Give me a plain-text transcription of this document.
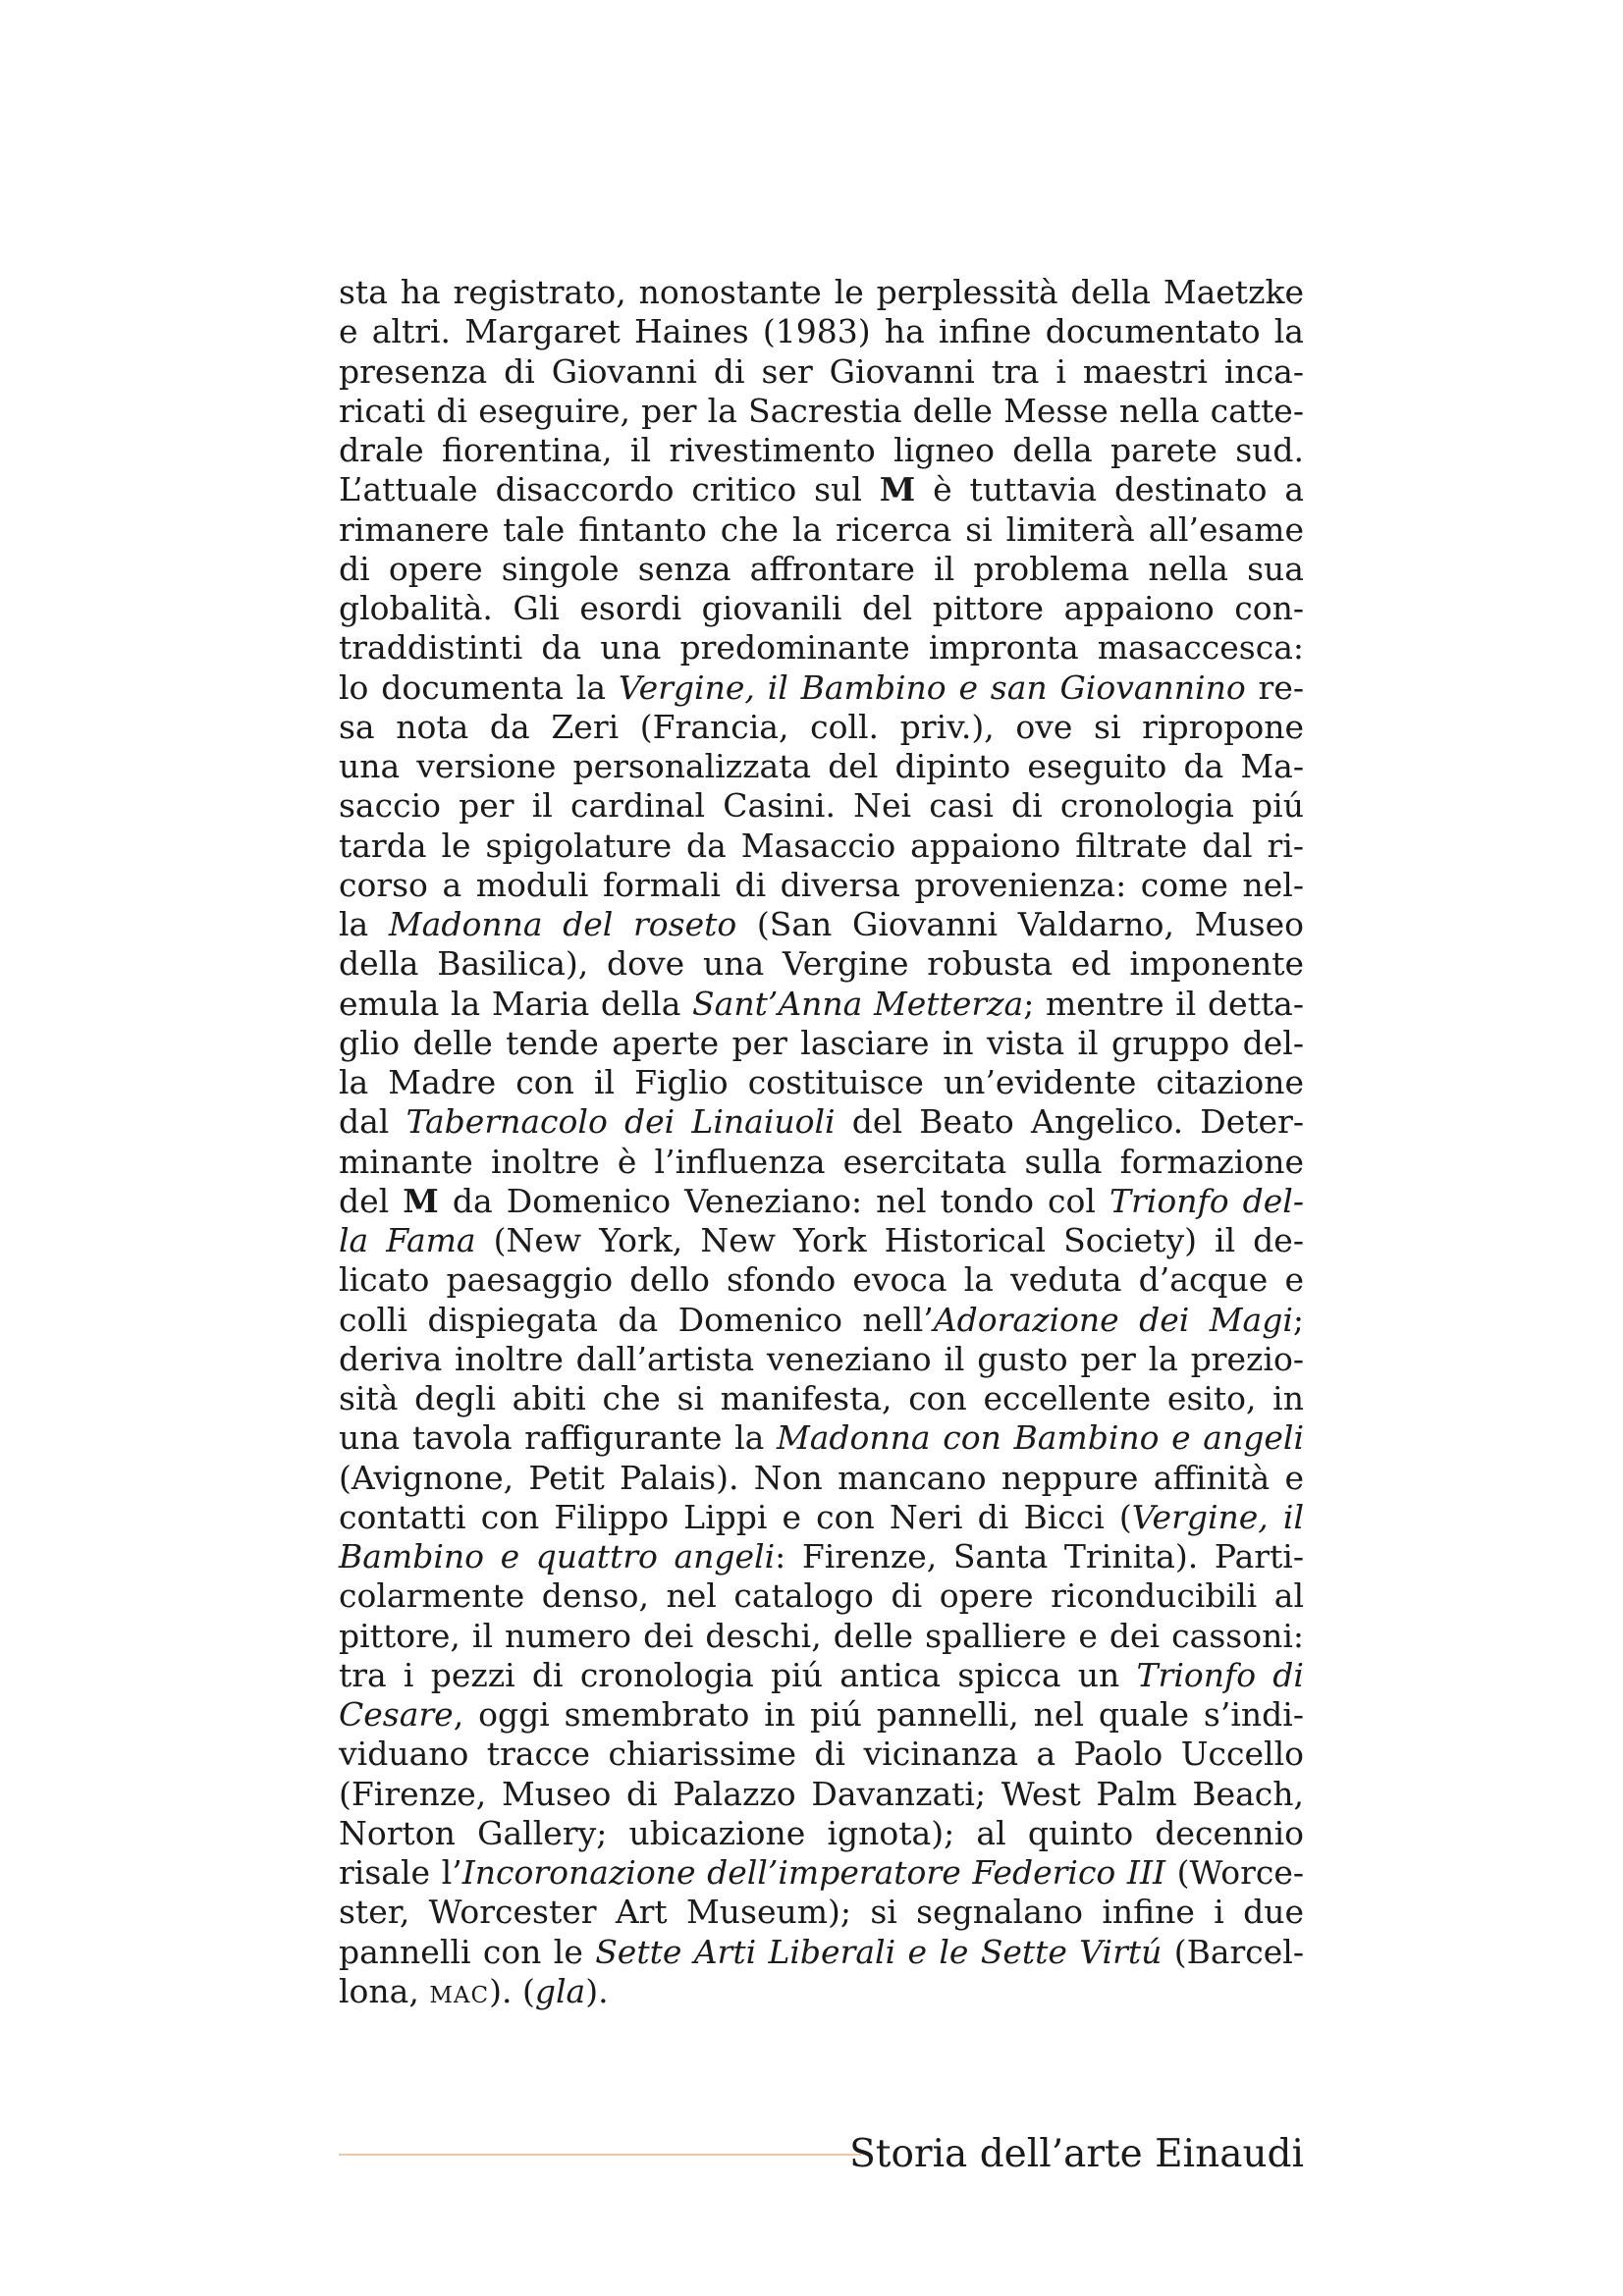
sta ha registrato, nonostante le perplessità della Maetzke
e altri. Margaret Haines (1983) ha infine documentato la
presenza di Giovanni di ser Giovanni tra i maestri inca-
ricati di eseguire, per la Sacrestia delle Messe nella catte-
drale fiorentina, il rivestimento ligneo della parete sud.
L’attuale disaccordo critico sul M è tuttavia destinato a
rimanere tale fintanto che la ricerca si limiterà all’esame
di opere singole senza affrontare il problema nella sua
globalità. Gli esordi giovanili del pittore appaiono con-
traddistinti da una predominante impronta masaccesca:
lo documenta la Vergine, il Bambino e san Giovannino re-
sa nota da Zeri (Francia, coll. priv.), ove si ripropone
una versione personalizzata del dipinto eseguito da Ma-
saccio per il cardinal Casini. Nei casi di cronologia piú
tarda le spigolature da Masaccio appaiono filtrate dal ri-
corso a moduli formali di diversa provenienza: come nel-
la Madonna del roseto (San Giovanni Valdarno, Museo
della Basilica), dove una Vergine robusta ed imponente
emula la Maria della Sant’Anna Metterza; mentre il detta-
glio delle tende aperte per lasciare in vista il gruppo del-
la Madre con il Figlio costituisce un’evidente citazione
dal Tabernacolo dei Linaiuoli del Beato Angelico. Deter-
minante inoltre è l’influenza esercitata sulla formazione
del M da Domenico Veneziano: nel tondo col Trionfo del-
la Fama (New York, New York Historical Society) il de-
licato paesaggio dello sfondo evoca la veduta d’acque e
colli dispiegata da Domenico nell’Adorazione dei Magi;
deriva inoltre dall’artista veneziano il gusto per la prezio-
sità degli abiti che si manifesta, con eccellente esito, in
una tavola raffigurante la Madonna con Bambino e angeli
(Avignone, Petit Palais). Non mancano neppure affinità e
contatti con Filippo Lippi e con Neri di Bicci (Vergine, il
Bambino e quattro angeli: Firenze, Santa Trinita). Parti-
colarmente denso, nel catalogo di opere riconducibili al
pittore, il numero dei deschi, delle spalliere e dei cassoni:
tra i pezzi di cronologia piú antica spicca un Trionfo di
Cesare, oggi smembrato in piú pannelli, nel quale s’indi-
viduano tracce chiarissime di vicinanza a Paolo Uccello
(Firenze, Museo di Palazzo Davanzati; West Palm Beach,
Norton Gallery; ubicazione ignota); al quinto decennio
risale l’Incoronazione dell’imperatore Federico III (Worce-
ster, Worcester Art Museum); si segnalano infine i due
pannelli con le Sette Arti Liberali e le Sette Virtú (Barcel-
lona, mac). (gla).
Storia dell’arte Einaudi
